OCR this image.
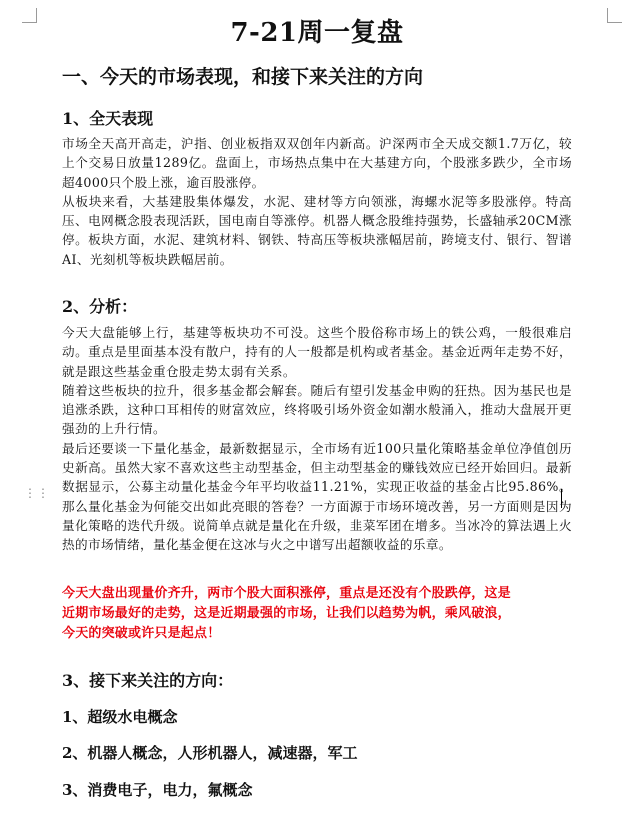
⋮⋮
7-21周一复盘
一、今天的市场表现，和接下来关注的方向
1、全天表现

市场全天高开高走，沪指、创业板指双双创年内新高。沪深两市全天成交额1.7万亿，较上个交易日放量1289亿。盘面上，市场热点集中在大基建方向，个股涨多跌少，全市场超4000只个股上涨，逾百股涨停。

从板块来看，大基建股集体爆发，水泥、建材等方向领涨，海螺水泥等多股涨停。特高压、电网概念股表现活跃，国电南自等涨停。机器人概念股维持强势，长盛轴承20CM涨停。板块方面，水泥、建筑材料、钢铁、特高压等板块涨幅居前，跨境支付、银行、智谱AI、光刻机等板块跌幅居前。

2、分析：

今天大盘能够上行，基建等板块功不可没。这些个股俗称市场上的铁公鸡，一般很难启动。重点是里面基本没有散户，持有的人一般都是机构或者基金。基金近两年走势不好，就是跟这些基金重仓股走势太弱有关系。

随着这些板块的拉升，很多基金都会解套。随后有望引发基金申购的狂热。因为基民也是追涨杀跌，这种口耳相传的财富效应，终将吸引场外资金如潮水般涌入，推动大盘展开更强劲的上升行情。

最后还要谈一下量化基金，最新数据显示，全市场有近100只量化策略基金单位净值创历史新高。虽然大家不喜欢这些主动型基金，但主动型基金的赚钱效应已经开始回归。最新数据显示，公募主动量化基金今年平均收益11.21%，实现正收益的基金占比95.86%。那么量化基金为何能交出如此亮眼的答卷？一方面源于市场环境改善，另一方面则是因为量化策略的迭代升级。说简单点就是量化在升级，韭菜军团在增多。当冰冷的算法遇上火热的市场情绪，量化基金便在这冰与火之中谱写出超额收益的乐章。

今天大盘出现量价齐升，两市个股大面积涨停，重点是还没有个股跌停，这是

近期市场最好的走势，这是近期最强的市场，让我们以趋势为帆，乘风破浪，

今天的突破或许只是起点！

3、接下来关注的方向：
1、超级水电概念
2、机器人概念，人形机器人，减速器，军工
3、消费电子，电力，氟概念
